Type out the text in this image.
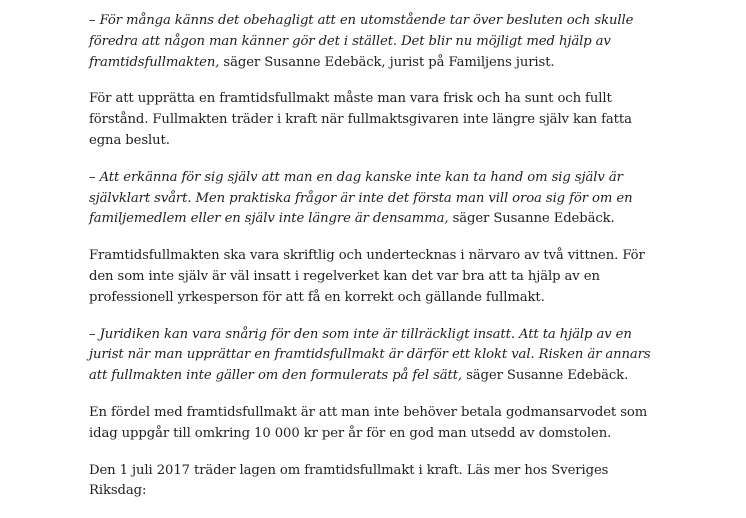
– För många känns det obehagligt att en utomstående tar över besluten och skulle föredra att någon man känner gör det i stället. Det blir nu möjligt med hjälp av framtidsfullmakten, säger Susanne Edebäck, jurist på Familjens jurist.

För att upprätta en framtidsfullmakt måste man vara frisk och ha sunt och fullt förstånd. Fullmakten träder i kraft när fullmaktsgivaren inte längre själv kan fatta egna beslut.

– Att erkänna för sig själv att man en dag kanske inte kan ta hand om sig själv är självklart svårt. Men praktiska frågor är inte det första man vill oroa sig för om en familjemedlem eller en själv inte längre är densamma, säger Susanne Edebäck.

Framtidsfullmakten ska vara skriftlig och undertecknas i närvaro av två vittnen. För den som inte själv är väl insatt i regelverket kan det var bra att ta hjälp av en professionell yrkesperson för att få en korrekt och gällande fullmakt.

– Juridiken kan vara snårig för den som inte är tillräckligt insatt. Att ta hjälp av en jurist när man upprättar en framtidsfullmakt är därför ett klokt val. Risken är annars att fullmakten inte gäller om den formulerats på fel sätt, säger Susanne Edebäck.

En fördel med framtidsfullmakt är att man inte behöver betala godmansarvodet som idag uppgår till omkring 10 000 kr per år för en god man utsedd av domstolen.

Den 1 juli 2017 träder lagen om framtidsfullmakt i kraft. Läs mer hos Sveriges Riksdag:
